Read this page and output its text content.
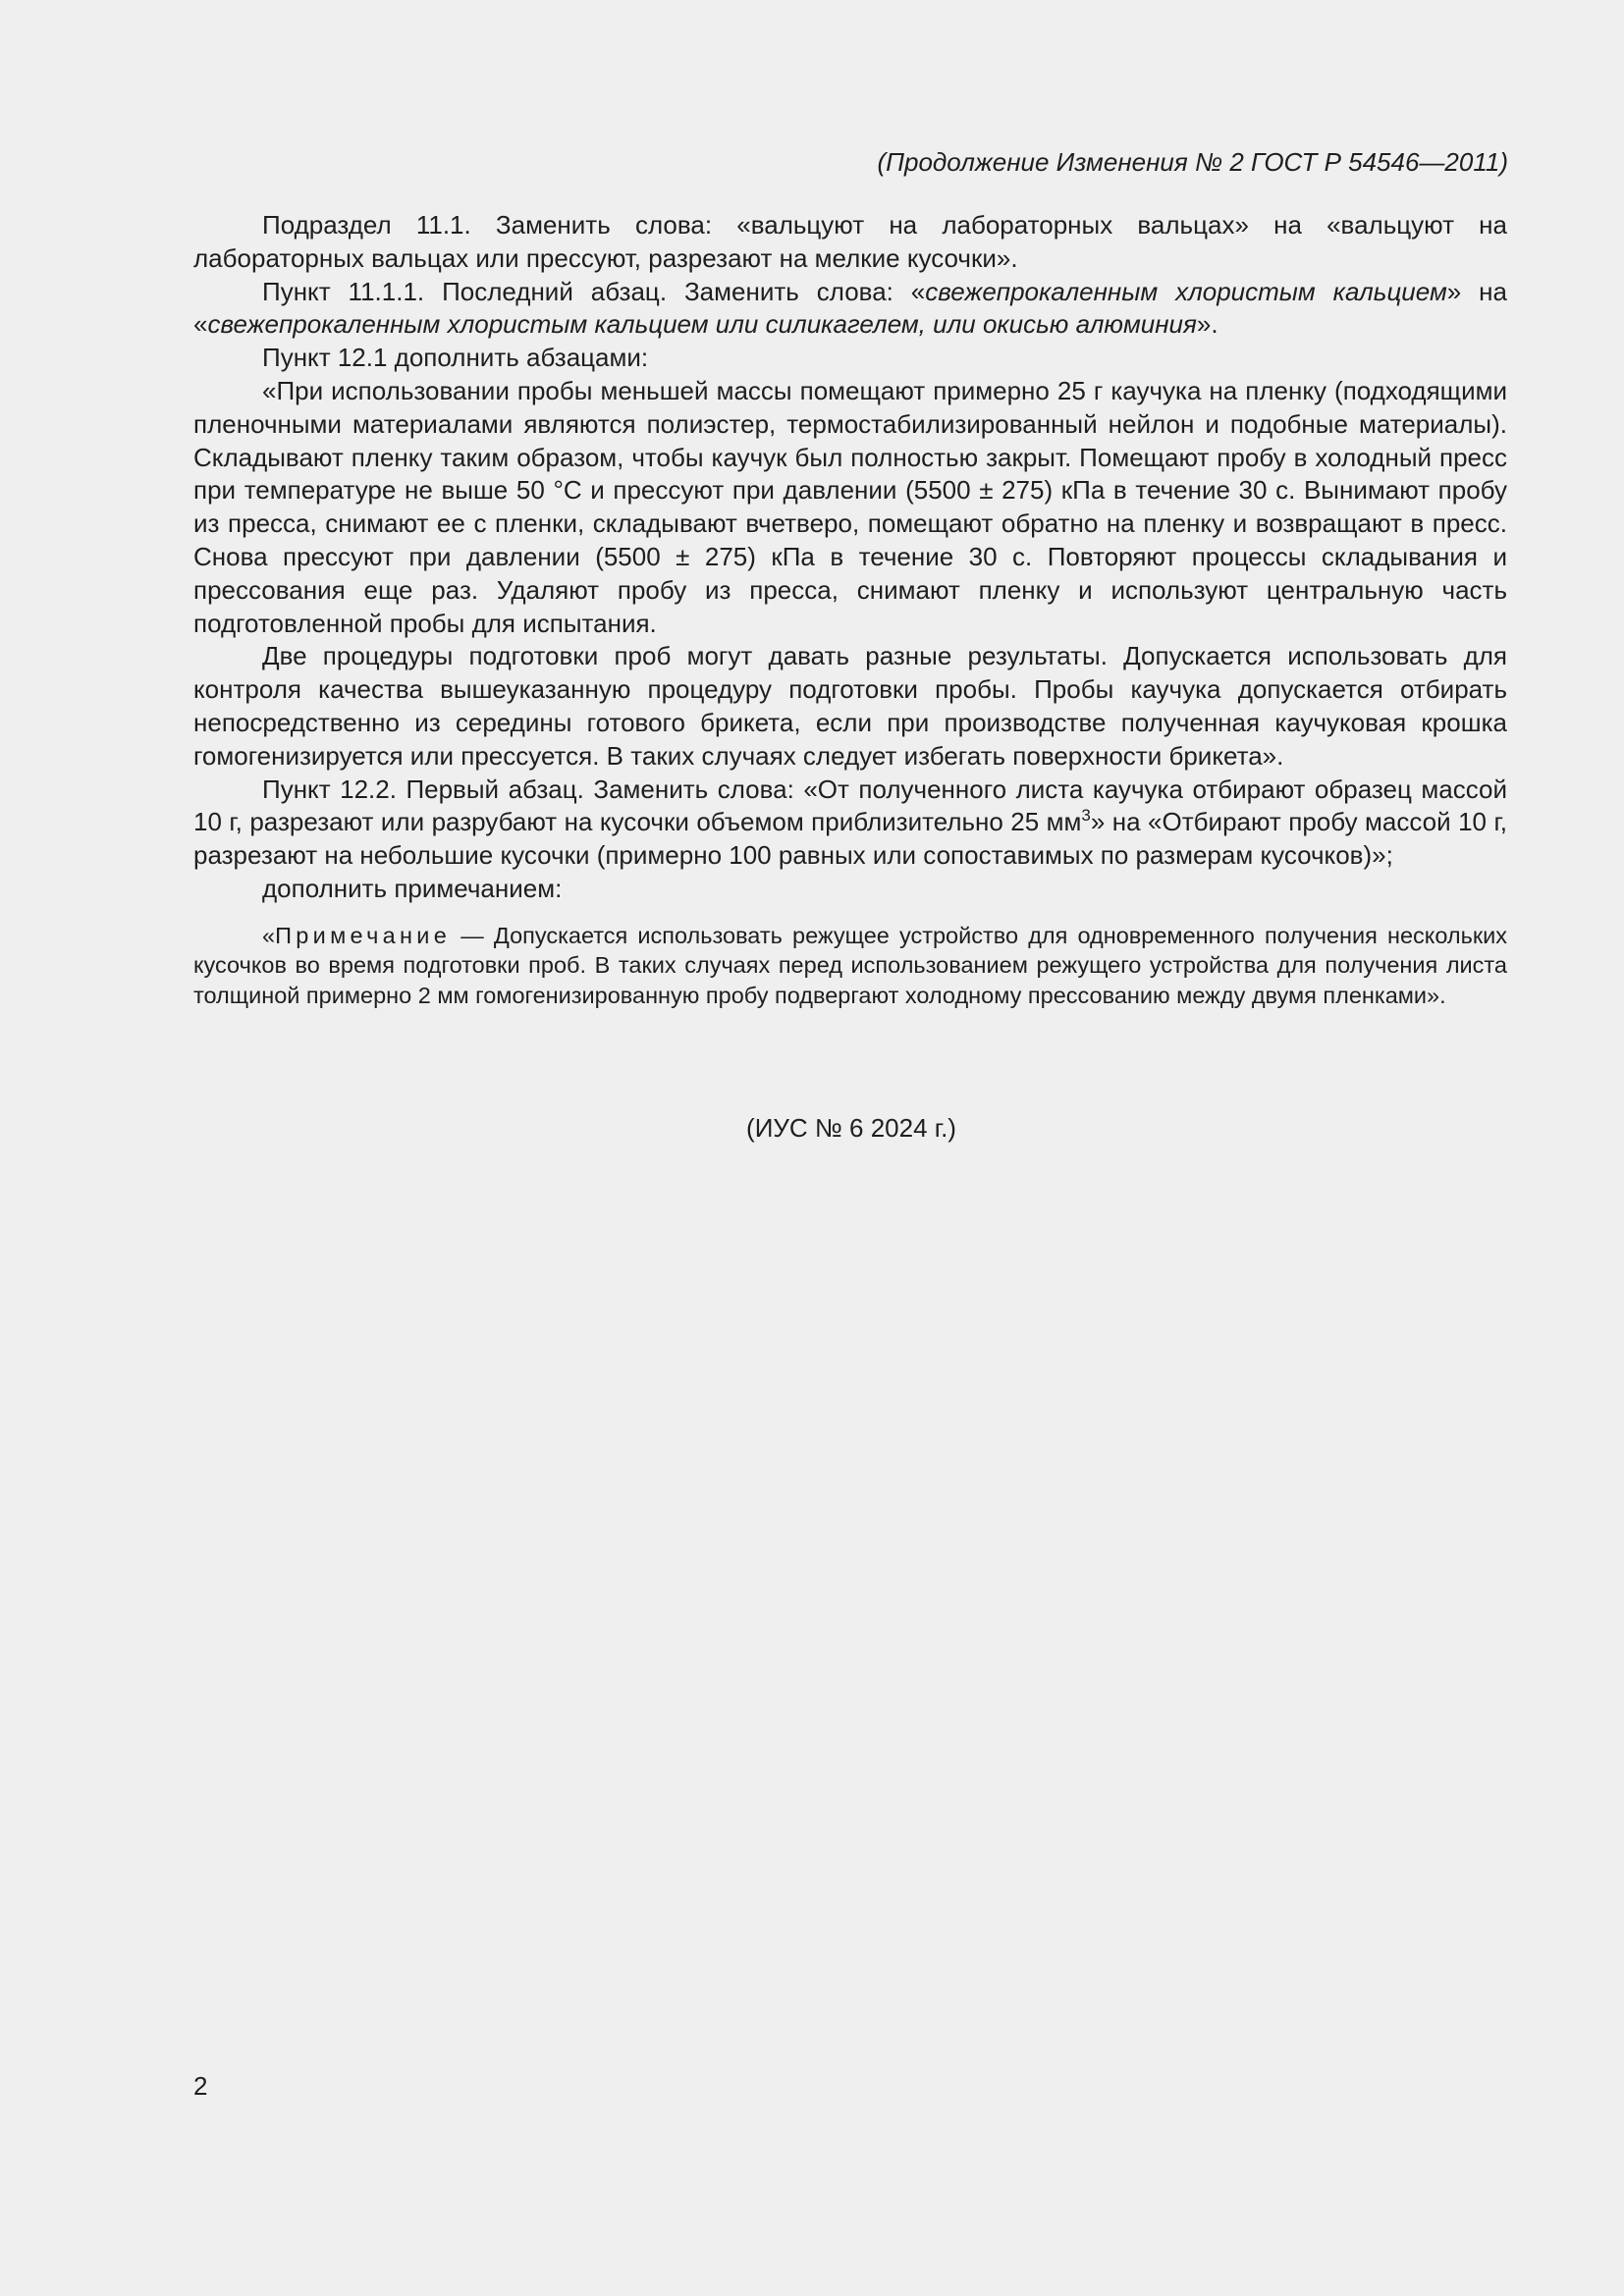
(Продолжение Изменения № 2 ГОСТ Р 54546—2011)

Подраздел 11.1. Заменить слова: «вальцуют на лабораторных вальцах» на «вальцуют на лабораторных вальцах или прессуют, разрезают на мелкие кусочки».

Пункт 11.1.1. Последний абзац. Заменить слова: «свежепрокаленным хлористым кальцием» на «свежепрокаленным хлористым кальцием или силикагелем, или окисью алюминия».

Пункт 12.1 дополнить абзацами:

«При использовании пробы меньшей массы помещают примерно 25 г каучука на пленку (подходящими пленочными материалами являются полиэстер, термостабилизированный нейлон и подобные материалы). Складывают пленку таким образом, чтобы каучук был полностью закрыт. Помещают пробу в холодный пресс при температуре не выше 50 °С и прессуют при давлении (5500 ± 275) кПа в течение 30 с. Вынимают пробу из пресса, снимают ее с пленки, складывают вчетверо, помещают обратно на пленку и возвращают в пресс. Снова прессуют при давлении (5500 ± 275) кПа в течение 30 с. Повторяют процессы складывания и прессования еще раз. Удаляют пробу из пресса, снимают пленку и используют центральную часть подготовленной пробы для испытания.

Две процедуры подготовки проб могут давать разные результаты. Допускается использовать для контроля качества вышеуказанную процедуру подготовки пробы. Пробы каучука допускается отбирать непосредственно из середины готового брикета, если при производстве полученная каучуковая крошка гомогенизируется или прессуется. В таких случаях следует избегать поверхности брикета».

Пункт 12.2. Первый абзац. Заменить слова: «От полученного листа каучука отбирают образец массой 10 г, разрезают или разрубают на кусочки объемом приблизительно 25 $мм^3$» на «Отбирают пробу массой 10 г, разрезают на небольшие кусочки (примерно 100 равных или сопоставимых по размерам кусочков)»;

дополнить примечанием:

«Примечание — Допускается использовать режущее устройство для одновременного получения нескольких кусочков во время подготовки проб. В таких случаях перед использованием режущего устройства для получения листа толщиной примерно 2 мм гомогенизированную пробу подвергают холодному прессованию между двумя пленками».

(ИУС № 6 2024 г.)
2
